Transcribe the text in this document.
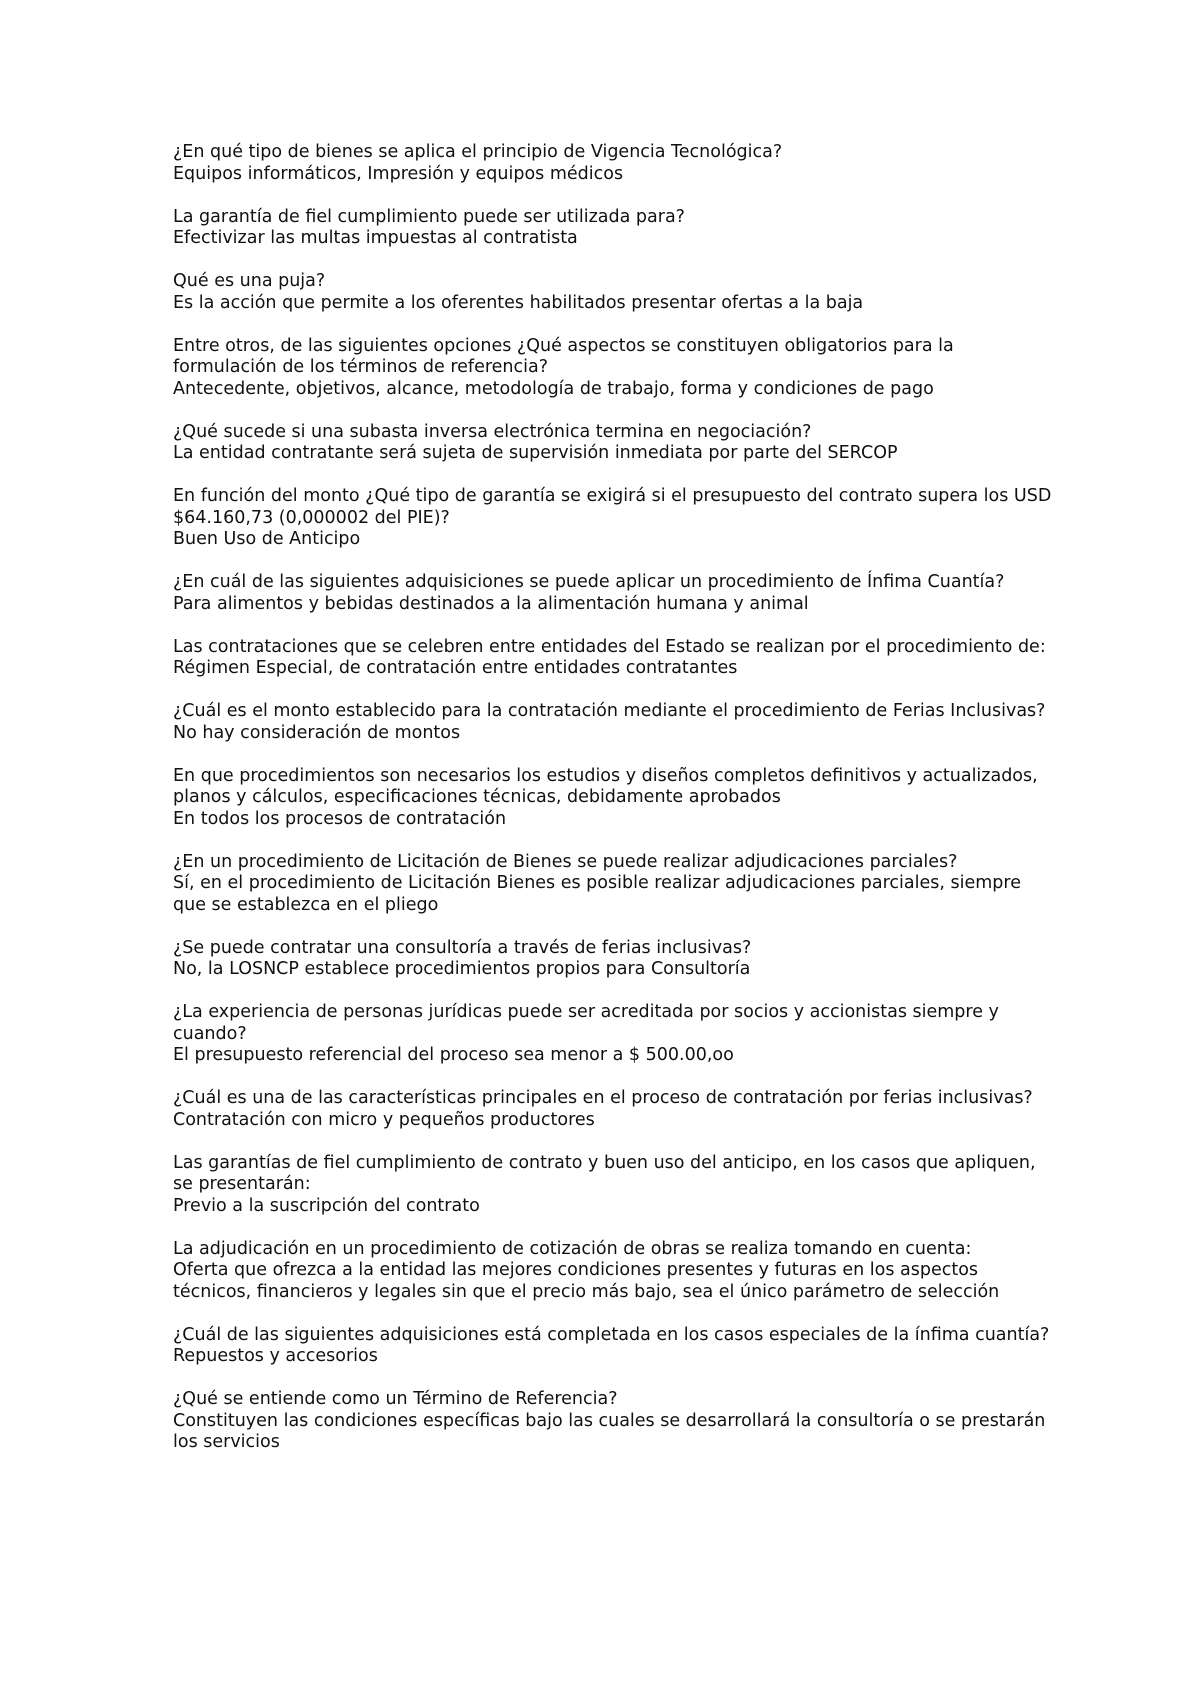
¿En qué tipo de bienes se aplica el principio de Vigencia Tecnológica?

Equipos informáticos, Impresión y equipos médicos

La garantía de fiel cumplimiento puede ser utilizada para?

Efectivizar las multas impuestas al contratista

Qué es una puja?

Es la acción que permite a los oferentes habilitados presentar ofertas a la baja

Entre otros, de las siguientes opciones ¿Qué aspectos se constituyen obligatorios para la formulación de los términos de referencia?

Antecedente, objetivos, alcance, metodología de trabajo, forma y condiciones de pago

¿Qué sucede si una subasta inversa electrónica termina en negociación?

La entidad contratante será sujeta de supervisión inmediata por parte del SERCOP

En función del monto ¿Qué tipo de garantía se exigirá si el presupuesto del contrato supera los USD $64.160,73 (0,000002 del PIE)?

Buen Uso de Anticipo

¿En cuál de las siguientes adquisiciones se puede aplicar un procedimiento de Ínfima Cuantía?

Para alimentos y bebidas destinados a la alimentación humana y animal

Las contrataciones que se celebren entre entidades del Estado se realizan por el procedimiento de:

Régimen Especial, de contratación entre entidades contratantes

¿Cuál es el monto establecido para la contratación mediante el procedimiento de Ferias Inclusivas?

No hay consideración de montos

En que procedimientos son necesarios los estudios y diseños completos definitivos y actualizados, planos y cálculos, especificaciones técnicas, debidamente aprobados

En todos los procesos de contratación

¿En un procedimiento de Licitación de Bienes se puede realizar adjudicaciones parciales?

Sí, en el procedimiento de Licitación Bienes es posible realizar adjudicaciones parciales, siempre que se establezca en el pliego

¿Se puede contratar una consultoría a través de ferias inclusivas?

No, la LOSNCP establece procedimientos propios para Consultoría

¿La experiencia de personas jurídicas puede ser acreditada por socios y accionistas siempre y cuando?

El presupuesto referencial del proceso sea menor a $ 500.00,oo

¿Cuál es una de las características principales en el proceso de contratación por ferias inclusivas?

Contratación con micro y pequeños productores

Las garantías de fiel cumplimiento de contrato y buen uso del anticipo, en los casos que apliquen, se presentarán:

Previo a la suscripción del contrato

La adjudicación en un procedimiento de cotización de obras se realiza tomando en cuenta:

Oferta que ofrezca a la entidad las mejores condiciones presentes y futuras en los aspectos técnicos, financieros y legales sin que el precio más bajo, sea el único parámetro de selección

¿Cuál de las siguientes adquisiciones está completada en los casos especiales de la ínfima cuantía?

Repuestos y accesorios

¿Qué se entiende como un Término de Referencia?

Constituyen las condiciones específicas bajo las cuales se desarrollará la consultoría o se prestarán los servicios
